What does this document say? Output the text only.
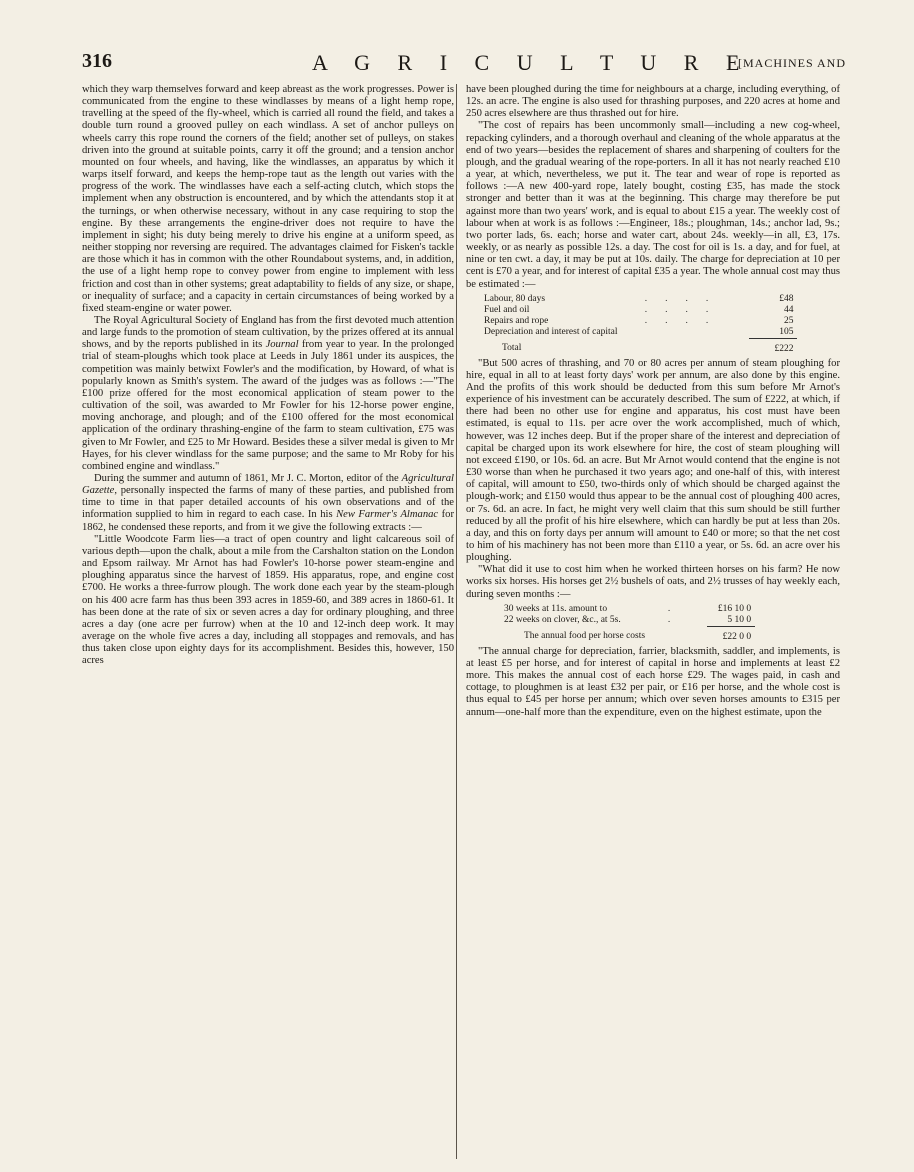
316	A G R I C U L T U R E
[MACHINES AND

which they warp themselves forward and keep abreast as the work progresses. Power is communicated from the engine to these windlasses by means of a light hemp rope, travelling at the speed of the fly-wheel, which is carried all round the field, and takes a double turn round a grooved pulley on each windlass. A set of anchor pulleys on wheels carry this rope round the corners of the field; another set of pulleys, on stakes driven into the ground at suitable points, carry it off the ground; and a tension anchor mounted on four wheels, and having, like the windlasses, an apparatus by which it warps itself forward, and keeps the hemp-rope taut as the length out varies with the progress of the work. The windlasses have each a self-acting clutch, which stops the implement when any obstruction is encountered, and by which the attendants stop it at the turnings, or when otherwise necessary, without in any case requiring to stop the engine. By these arrangements the engine-driver does not require to have the implement in sight; his duty being merely to drive his engine at a uniform speed, as neither stopping nor reversing are required. The advantages claimed for Fisken's tackle are those which it has in common with the other Roundabout systems, and, in addition, the use of a light hemp rope to convey power from engine to implement with less friction and cost than in other systems; great adaptability to fields of any size, or shape, or inequality of surface; and a capacity in certain circumstances of being worked by a fixed steam-engine or water power.

The Royal Agricultural Society of England has from the first devoted much attention and large funds to the promotion of steam cultivation, by the prizes offered at its annual shows, and by the reports published in its Journal from year to year. In the prolonged trial of steam-ploughs which took place at Leeds in July 1861 under its auspices, the competition was mainly betwixt Fowler's and the modification, by Howard, of what is popularly known as Smith's system. The award of the judges was as follows :—"The £100 prize offered for the most economical application of steam power to the cultivation of the soil, was awarded to Mr Fowler for his 12-horse power engine, moving anchorage, and plough; and of the £100 offered for the most economical application of the ordinary thrashing-engine of the farm to steam cultivation, £75 was given to Mr Fowler, and £25 to Mr Howard. Besides these a silver medal is given to Mr Hayes, for his clever windlass for the same purpose; and the same to Mr Roby for his combined engine and windlass."

During the summer and autumn of 1861, Mr J. C. Morton, editor of the Agricultural Gazette, personally inspected the farms of many of these parties, and published from time to time in that paper detailed accounts of his own observations and of the information supplied to him in regard to each case. In his New Farmer's Almanac for 1862, he condensed these reports, and from it we give the following extracts :—

"Little Woodcote Farm lies—a tract of open country and light calcareous soil of various depth—upon the chalk, about a mile from the Carshalton station on the London and Epsom railway. Mr Arnot has had Fowler's 10-horse power steam-engine and ploughing apparatus since the harvest of 1859. His apparatus, rope, and engine cost £700. He works a three-furrow plough. The work done each year by the steam-plough on his 400 acre farm has thus been 393 acres in 1859-60, and 389 acres in 1860-61. It has been done at the rate of six or seven acres a day for ordinary ploughing, and three acres a day (one acre per furrow) when at the 10 and 12-inch deep work. It may average on the whole five acres a day, including all stoppages and removals, and has thus taken close upon eighty days for its accomplishment. Besides this, however, 150 acres

have been ploughed during the time for neighbours at a charge, including everything, of 12s. an acre. The engine is also used for thrashing purposes, and 220 acres at home and 250 acres elsewhere are thus thrashed out for hire.

"The cost of repairs has been uncommonly small—including a new cog-wheel, repacking cylinders, and a thorough overhaul and cleaning of the whole apparatus at the end of two years—besides the replacement of shares and sharpening of coulters for the plough, and the gradual wearing of the rope-porters. In all it has not nearly reached £10 a year, at which, nevertheless, we put it. The tear and wear of rope is reported as follows :—A new 400-yard rope, lately bought, costing £35, has made the stock stronger and better than it was at the beginning. This charge may therefore be put against more than two years' work, and is equal to about £15 a year. The weekly cost of labour when at work is as follows :—Engineer, 18s.; ploughman, 14s.; anchor lad, 9s.; two porter lads, 6s. each; horse and water cart, about 24s. weekly—in all, £3, 17s. weekly, or as nearly as possible 12s. a day. The cost for oil is 1s. a day, and for fuel, at nine or ten cwt. a day, it may be put at 10s. daily. The charge for depreciation at 10 per cent is £70 a year, and for interest of capital £35 a year. The whole annual cost may thus be estimated :—

Labour, 80 days	....	£48
Fuel and oil	....	44
Repairs and rope	....	25
Depreciation and interest of capital		105
Total		£222

"But 500 acres of thrashing, and 70 or 80 acres per annum of steam ploughing for hire, equal in all to at least forty days' work per annum, are also done by this engine. And the profits of this work should be deducted from this sum before Mr Arnot's experience of his investment can be accurately described. The sum of £222, at which, if there had been no other use for engine and apparatus, his cost must have been estimated, is equal to 11s. per acre over the work accomplished, much of which, however, was 12 inches deep. But if the proper share of the interest and depreciation of capital be charged upon its work elsewhere for hire, the cost of steam ploughing will not exceed £190, or 10s. 6d. an acre. But Mr Arnot would contend that the engine is not £30 worse than when he purchased it two years ago; and one-half of this, with interest of capital, will amount to £50, two-thirds only of which should be charged against the plough-work; and £150 would thus appear to be the annual cost of ploughing 400 acres, or 7s. 6d. an acre. In fact, he might very well claim that this sum should be still further reduced by all the profit of his hire elsewhere, which can hardly be put at less than 20s. a day, and this on forty days per annum will amount to £40 or more; so that the net cost to him of his machinery has not been more than £110 a year, or 5s. 6d. an acre over his ploughing.

"What did it use to cost him when he worked thirteen horses on his farm? He now works six horses. His horses get 2½ bushels of oats, and 2½ trusses of hay weekly each, during seven months :—

30 weeks at 11s. amount to	.	£16 10 0
22 weeks on clover, &c., at 5s.	.	5 10 0
The annual food per horse costs		£22 0 0

"The annual charge for depreciation, farrier, blacksmith, saddler, and implements, is at least £5 per horse, and for interest of capital in horse and implements at least £2 more. This makes the annual cost of each horse £29. The wages paid, in cash and cottage, to ploughmen is at least £32 per pair, or £16 per horse, and the whole cost is thus equal to £45 per horse per annum; which over seven horses amounts to £315 per annum—one-half more than the expenditure, even on the highest estimate, upon the
